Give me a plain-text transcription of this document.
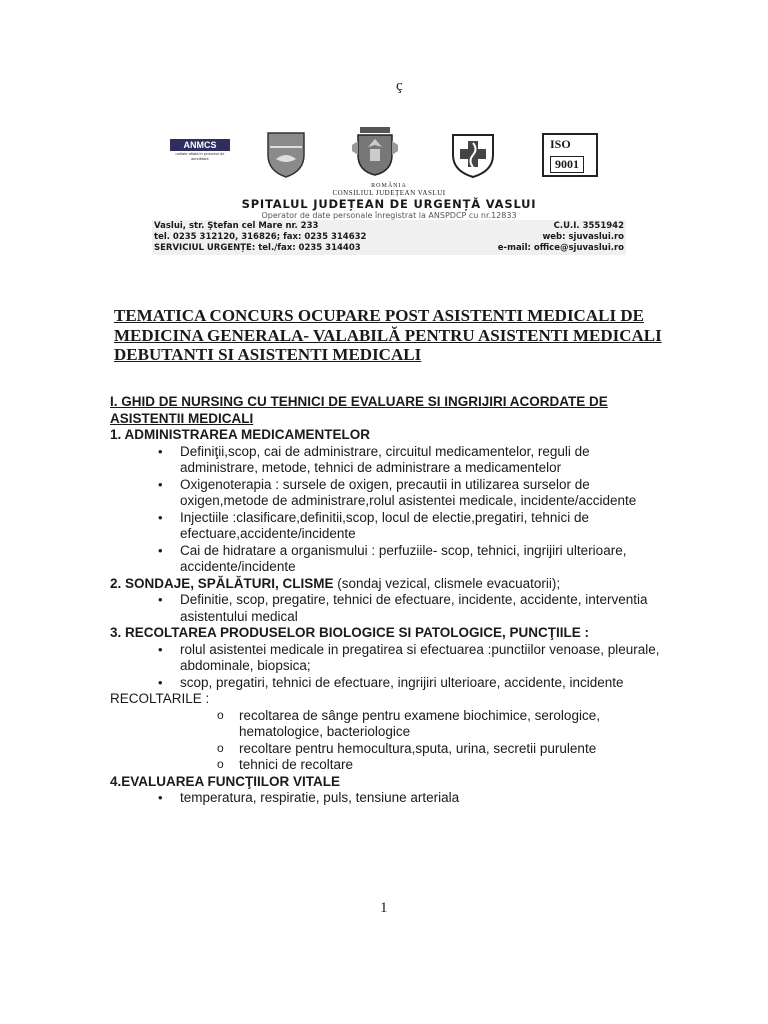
ç
ANMCS
unitate aflata in procesul de acreditare
ISO
9001
ROMÂNIA
CONSILIUL JUDEȚEAN VASLUI
SPITALUL JUDEȚEAN DE URGENȚĂ VASLUI
Operator de date personale înregistrat la ANSPDCP cu nr.12833
Vaslui, str. Ştefan cel Mare nr. 233	C.U.I. 3551942
tel. 0235 312120, 316826; fax: 0235 314632	web: sjuvaslui.ro
SERVICIUL URGENȚE: tel./fax: 0235 314403	e-mail: office@sjuvaslui.ro
TEMATICA CONCURS OCUPARE POST ASISTENTI MEDICALI DE MEDICINA GENERALA- VALABILĂ PENTRU ASISTENTI MEDICALI DEBUTANTI SI ASISTENTI MEDICALI
I. GHID DE NURSING CU TEHNICI DE EVALUARE SI INGRIJIRI ACORDATE DE ASISTENTII MEDICALI
1. ADMINISTRAREA MEDICAMENTELOR
• Definiţii,scop, cai de administrare, circuitul medicamentelor, reguli de administrare, metode, tehnici de administrare a medicamentelor
• Oxigenoterapia : sursele de oxigen, precautii in utilizarea surselor de oxigen,metode de administrare,rolul asistentei medicale, incidente/accidente
• Injectiile :clasificare,definitii,scop, locul de electie,pregatiri, tehnici de efectuare,accidente/incidente
• Cai de hidratare a organismului : perfuziile- scop, tehnici, ingrijiri ulterioare, accidente/incidente
2. SONDAJE, SPĂLĂTURI, CLISME (sondaj vezical, clismele evacuatorii);
• Definitie, scop, pregatire, tehnici de efectuare, incidente, accidente, interventia asistentului medical
3. RECOLTAREA PRODUSELOR BIOLOGICE SI PATOLOGICE, PUNCŢIILE :
• rolul asistentei medicale in pregatirea si efectuarea :punctiilor venoase, pleurale, abdominale, biopsica;
• scop, pregatiri, tehnici de efectuare, ingrijiri ulterioare, accidente, incidente
RECOLTARILE :
o recoltarea de sânge pentru examene biochimice, serologice, hematologice, bacteriologice
o recoltare pentru hemocultura,sputa, urina, secretii purulente
o tehnici de recoltare
4.EVALUAREA FUNCŢIILOR VITALE
• temperatura, respiratie, puls, tensiune arteriala
1
